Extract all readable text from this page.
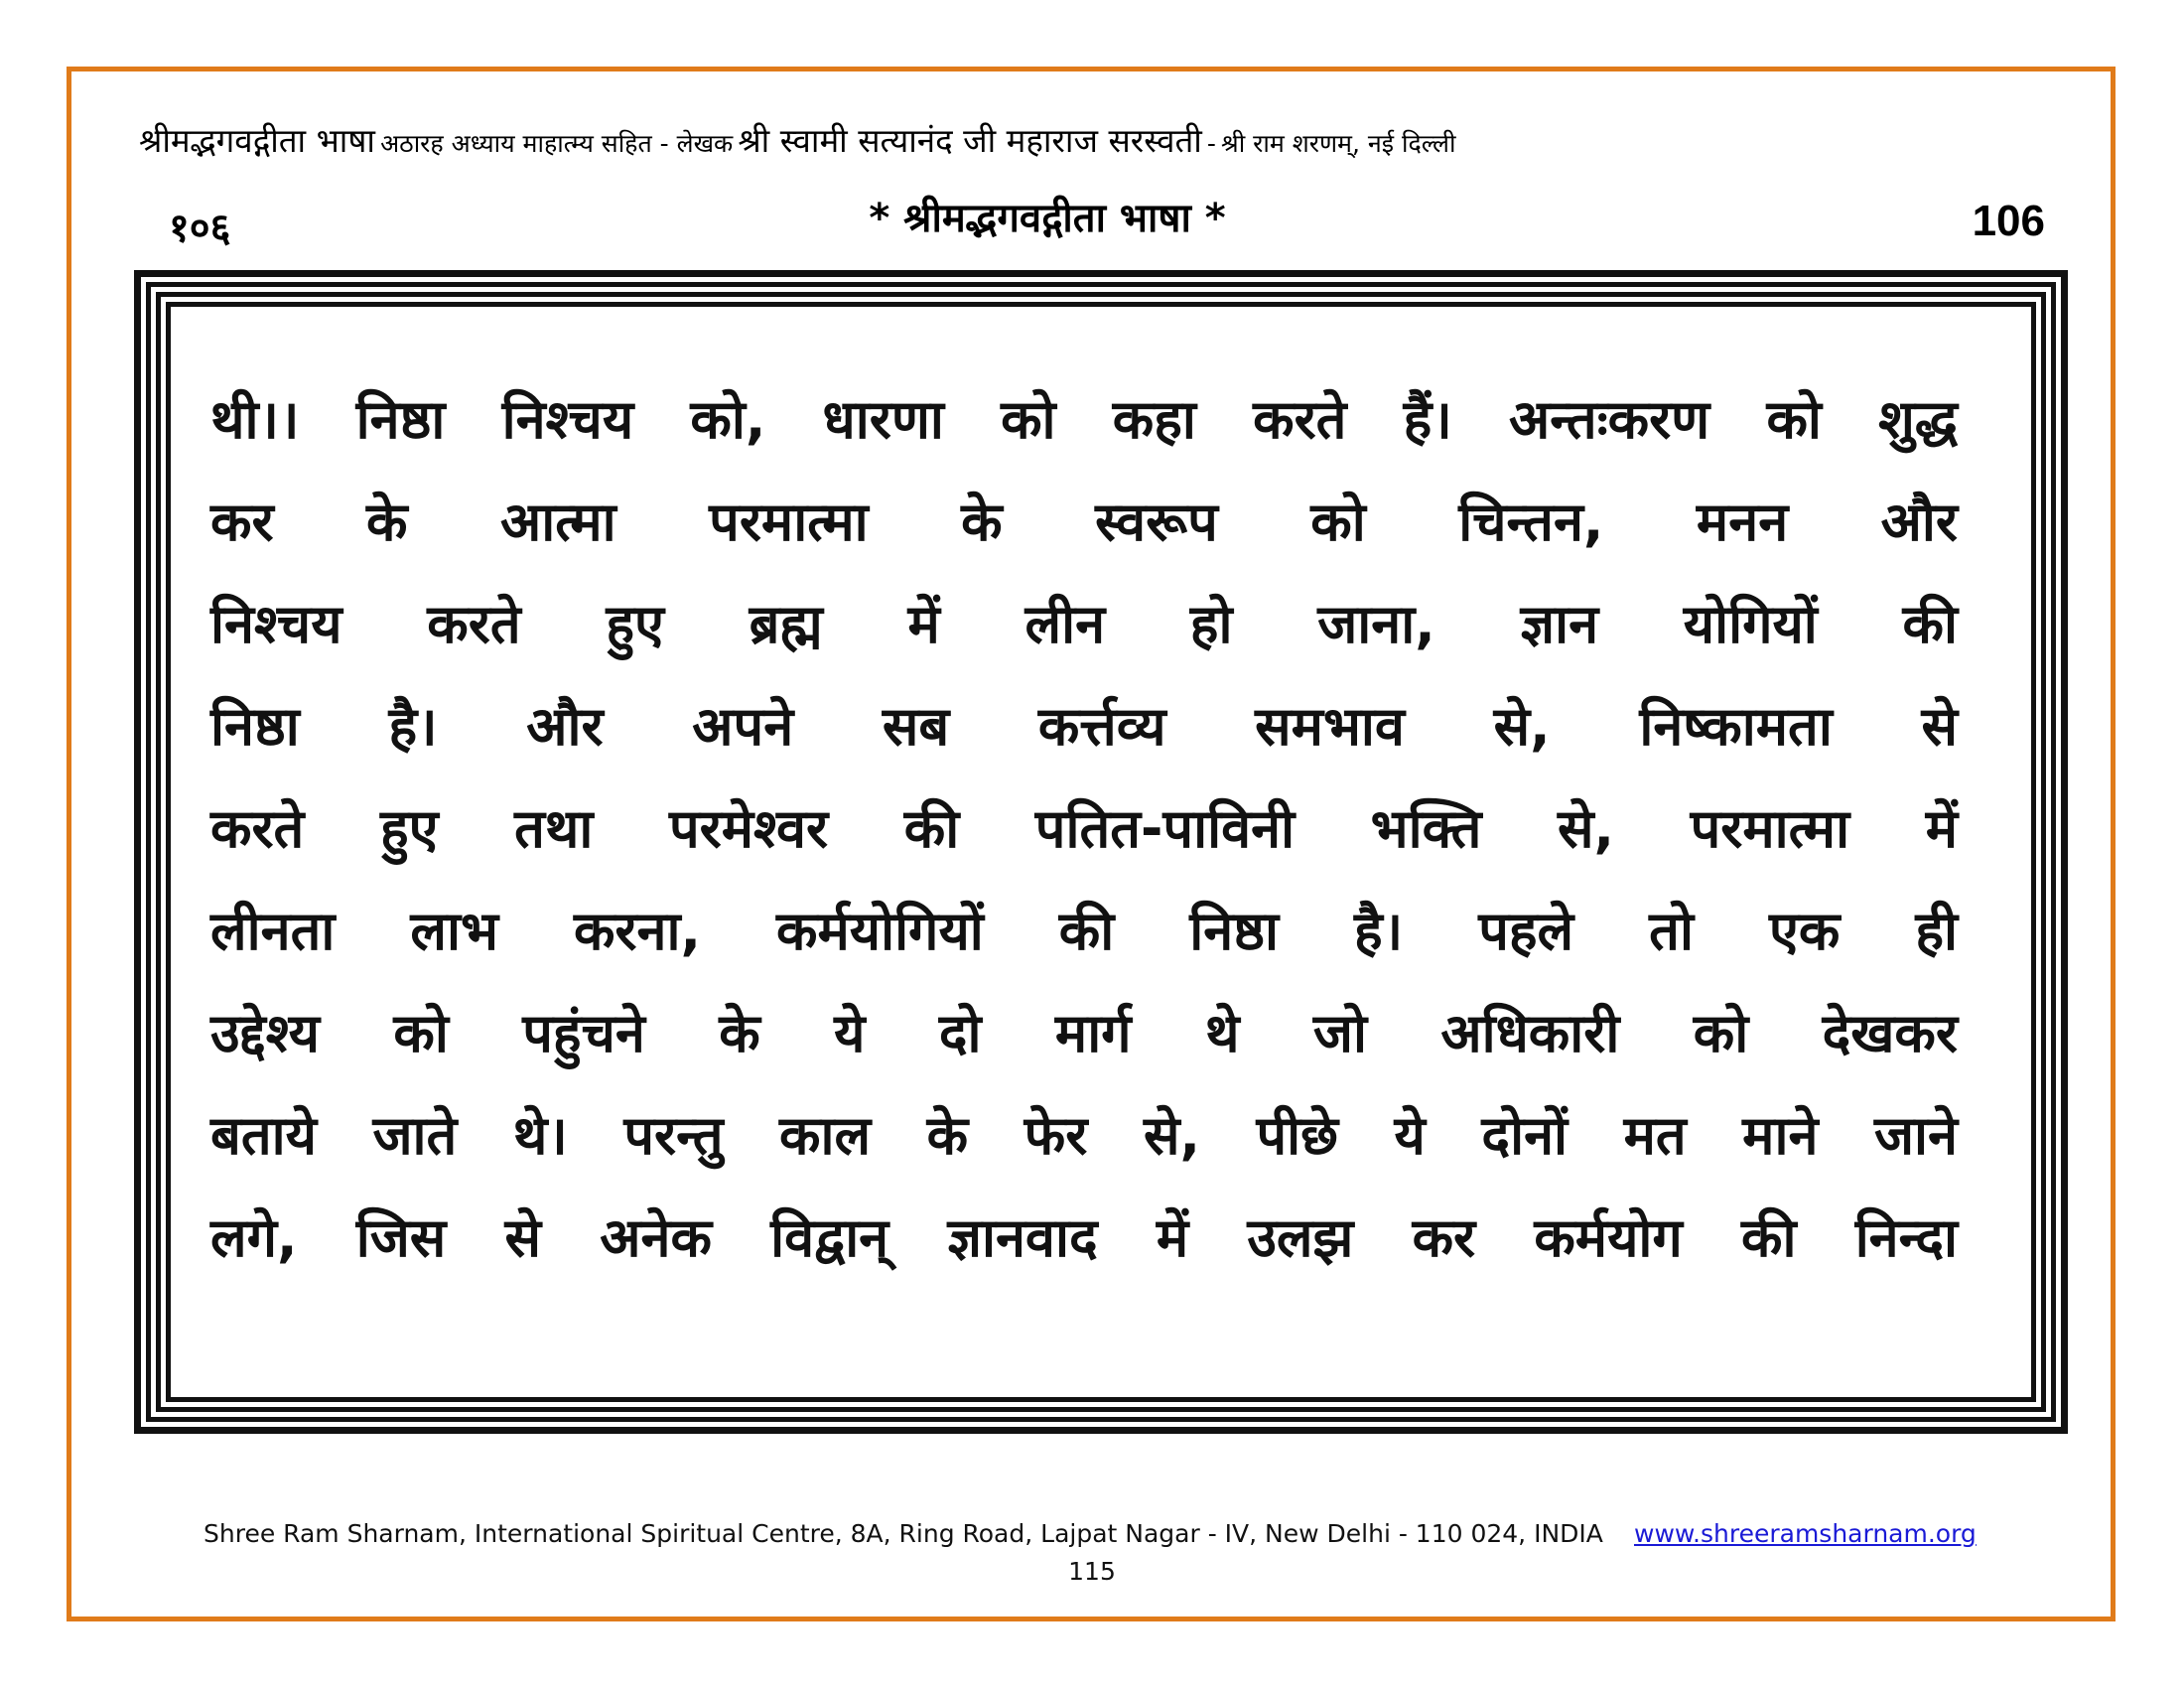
श्रीमद्भगवद्गीता भाषा अठारह अध्याय माहात्म्य सहित - लेखक श्री स्वामी सत्यानंद जी महाराज सरस्वती - श्री राम शरणम्, नई दिल्ली
१०६	* श्रीमद्भगवद्गीता भाषा *	106
थी।। निष्ठा निश्चय को, धारणा को कहा करते हैं। अन्तःकरण को शुद्ध
कर के आत्मा परमात्मा के स्वरूप को चिन्तन, मनन और
निश्चय करते हुए ब्रह्म में लीन हो जाना, ज्ञान योगियों की
निष्ठा है। और अपने सब कर्त्तव्य समभाव से, निष्कामता से
करते हुए तथा परमेश्वर की पतित-पाविनी भक्ति से, परमात्मा में
लीनता लाभ करना, कर्मयोगियों की निष्ठा है। पहले तो एक ही
उद्देश्य को पहुंचने के ये दो मार्ग थे जो अधिकारी को देखकर
बताये जाते थे। परन्तु काल के फेर से, पीछे ये दोनों मत माने जाने
लगे, जिस से अनेक विद्वान् ज्ञानवाद में उलझ कर कर्मयोग की निन्दा
Shree Ram Sharnam, International Spiritual Centre, 8A, Ring Road, Lajpat Nagar - IV, New Delhi - 110 024, INDIA www.shreeramsharnam.org
115
